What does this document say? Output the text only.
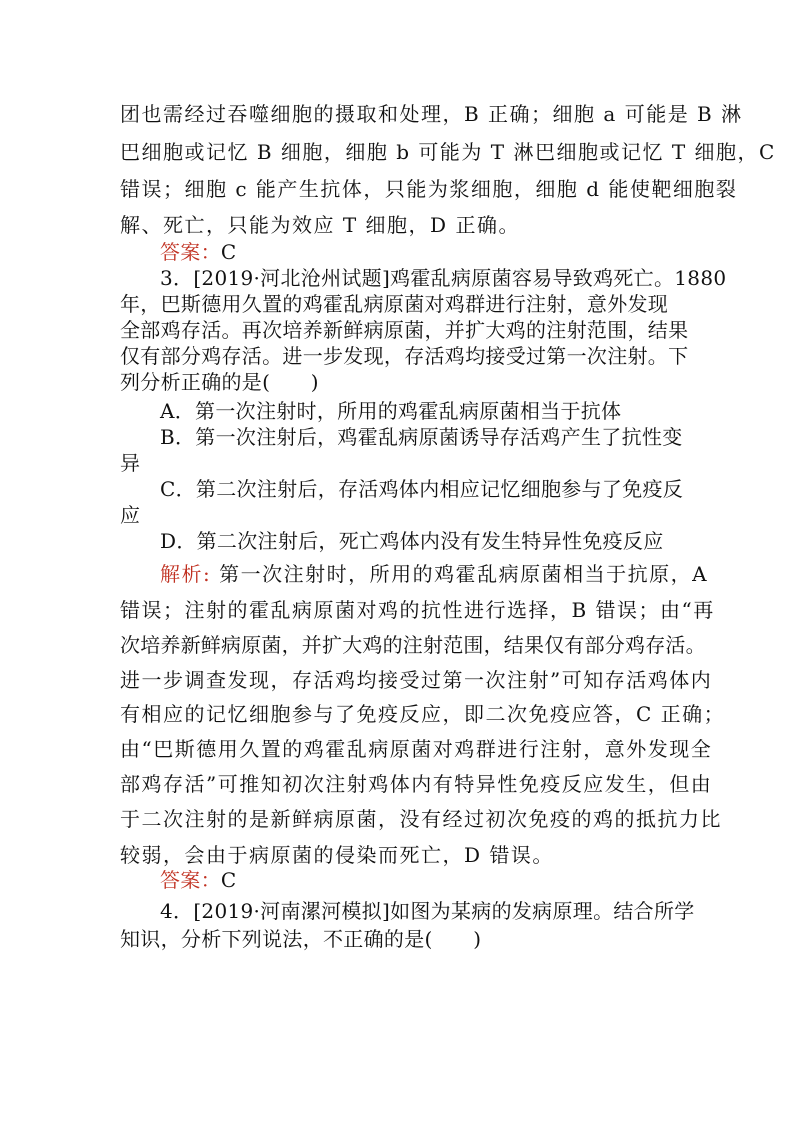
团也需经过吞噬细胞的摄取和处理，B 正确；细胞 a 可能是 B 淋
巴细胞或记忆 B 细胞，细胞 b 可能为 T 淋巴细胞或记忆 T 细胞，C
错误；细胞 c 能产生抗体，只能为浆细胞，细胞 d 能使靶细胞裂
解、死亡，只能为效应 T 细胞，D 正确。
答案：C
3．[2019·河北沧州试题]鸡霍乱病原菌容易导致鸡死亡。1880
年，巴斯德用久置的鸡霍乱病原菌对鸡群进行注射，意外发现
全部鸡存活。再次培养新鲜病原菌，并扩大鸡的注射范围，结果
仅有部分鸡存活。进一步发现，存活鸡均接受过第一次注射。下
列分析正确的是(　　)
A．第一次注射时，所用的鸡霍乱病原菌相当于抗体
B．第一次注射后，鸡霍乱病原菌诱导存活鸡产生了抗性变
异
C．第二次注射后，存活鸡体内相应记忆细胞参与了免疫反
应
D．第二次注射后，死亡鸡体内没有发生特异性免疫反应
解析: 第一次注射时，所用的鸡霍乱病原菌相当于抗原，A
错误；注射的霍乱病原菌对鸡的抗性进行选择，B 错误；由“再
次培养新鲜病原菌，并扩大鸡的注射范围，结果仅有部分鸡存活。
进一步调查发现，存活鸡均接受过第一次注射”可知存活鸡体内
有相应的记忆细胞参与了免疫反应，即二次免疫应答，C 正确；
由“巴斯德用久置的鸡霍乱病原菌对鸡群进行注射，意外发现全
部鸡存活”可推知初次注射鸡体内有特异性免疫反应发生，但由
于二次注射的是新鲜病原菌，没有经过初次免疫的鸡的抵抗力比
较弱，会由于病原菌的侵染而死亡，D 错误。
答案：C
4．[2019·河南漯河模拟]如图为某病的发病原理。结合所学
知识，分析下列说法，不正确的是(　　)
